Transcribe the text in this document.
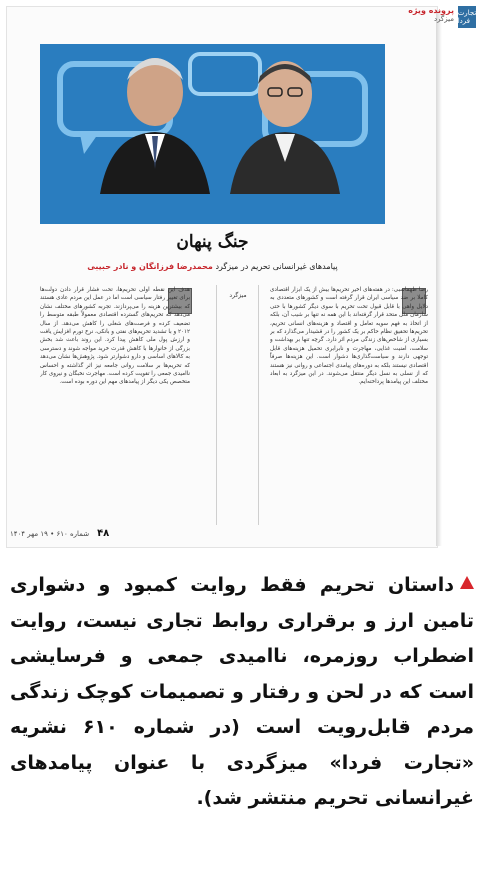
تجارت فردا
پرونده ویژه
میزگرد
جنگ پنهان
پیامدهای غیرانسانی تحریم در میزگرد محمدرضا فرزانگان و نادر حبیبی
میزگرد
رضا طهماسبی: در هفته‌های اخیر تحریم‌ها بیش از یک ابزار اقتصادی کاملا بر ضد سیاسی ایران قرار گرفته است و کشورهای متعددی به دلایل واهی با قابل قبول تحت تحریم با سوی دیگر کشورها با حتی سازمان ملل متحد قرار گرفته‌اند با این همه نه تنها بر شیب آن، بلکه از اتخاذ به فهم سویه تعامل و اقتصاد و هزینه‌های انسانی تحریم، تحریم‌ها تحقیق نظام حاکم بر یک کشور را در قشیدار می‌گذارد که بر بسیاری از شاخص‌های زندگی مردم اثر دارد. گرچه تنها بر بهداشت و سلامت، امنیت غذایی، مهاجرت و نابرابری تحمیل هزینه‌های قابل توجهی دارند و سیاست‌گذاری‌ها دشوار است. این هزینه‌ها صرفاً اقتصادی نیستند بلکه به دوره‌های پیامدی اجتماعی و روانی نیز هستند که از نسلی به نسل دیگر منتقل می‌شوند. در این میزگرد به ابعاد مختلف این پیامدها پرداخته‌ایم.
هدف این نقطه اولی تحریم‌ها، تحت فشار قرار دادن دولت‌ها برای تغییر رفتار سیاسی است اما در عمل این مردم عادی هستند که بیشترین هزینه را می‌پردازند. تجربه کشورهای مختلف نشان می‌دهد که تحریم‌های گسترده اقتصادی معمولاً طبقه متوسط را تضعیف کرده و فرصت‌های شغلی را کاهش می‌دهد. از سال ۲۰۱۲ و با تشدید تحریم‌های نفتی و بانکی، نرخ تورم افزایش یافت و ارزش پول ملی کاهش پیدا کرد. این روند باعث شد بخش بزرگی از خانوارها با کاهش قدرت خرید مواجه شوند و دسترسی به کالاهای اساسی و دارو دشوارتر شود. پژوهش‌ها نشان می‌دهد که تحریم‌ها بر سلامت روانی جامعه نیز اثر گذاشته و احساس ناامیدی جمعی را تقویت کرده است. مهاجرت نخبگان و نیروی کار متخصص یکی دیگر از پیامدهای مهم این دوره بوده است.
۴۸
شماره ۶۱۰ ‌• ۱۹ مهر ۱۴۰۴
داستان تحریم فقط روایت کمبود و دشواری تامین ارز و برقراری روابط تجاری نیست، روایت اضطراب روزمره، ناامیدی جمعی و فرسایشی است که در لحن و رفتار و تصمیمات کوچک زندگی مردم قابل‌رویت است (در شماره ۶۱۰ نشریه «تجارت فردا» میزگردی با عنوان پیامدهای غیرانسانی تحریم منتشر شد).
